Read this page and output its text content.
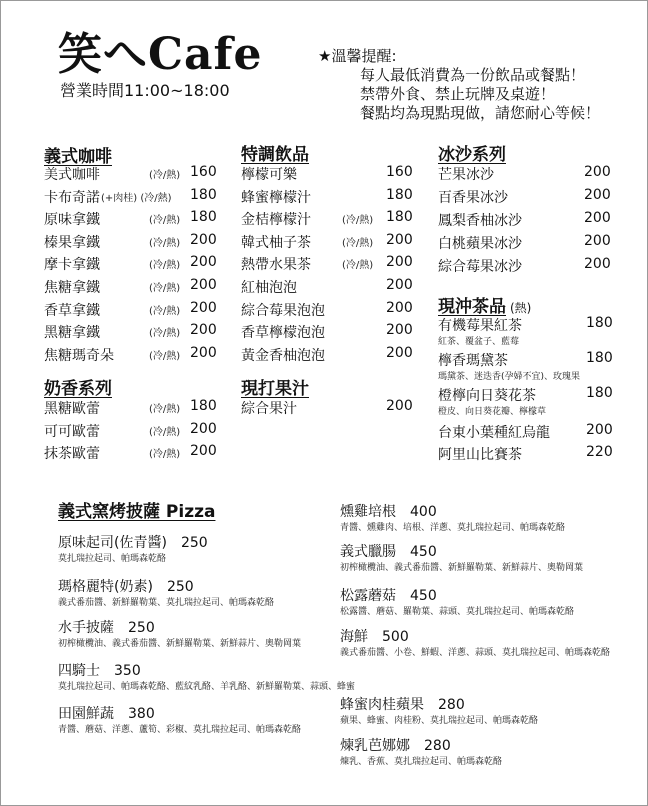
笑へCafe
營業時間11:00~18:00
★溫馨提醒:
每人最低消費為一份飲品或餐點！
禁帶外食、禁止玩牌及桌遊！
餐點均為現點現做，請您耐心等候！
義式咖啡
美式咖啡	(冷/熱) 160
卡布奇諾 (+肉桂) (冷/熱) 180
原味拿鐵	(冷/熱) 180
榛果拿鐵	(冷/熱) 200
摩卡拿鐵	(冷/熱) 200
焦糖拿鐵	(冷/熱) 200
香草拿鐵	(冷/熱) 200
黑糖拿鐵	(冷/熱) 200
焦糖瑪奇朵	(冷/熱) 200
奶香系列
黑糖歐蕾	(冷/熱) 180
可可歐蕾	(冷/熱) 200
抹茶歐蕾	(冷/熱) 200
特調飲品
檸檬可樂	160
蜂蜜檸檬汁	180
金桔檸檬汁	(冷/熱) 180
韓式柚子茶	(冷/熱) 200
熱帶水果茶	(冷/熱) 200
紅柚泡泡	200
綜合莓果泡泡	200
香草檸檬泡泡	200
黃金香柚泡泡	200
現打果汁
綜合果汁	200
冰沙系列
芒果冰沙	200
百香果冰沙	200
鳳梨香柚冰沙	200
白桃蘋果冰沙	200
綜合莓果冰沙	200
現沖茶品 (熱)
有機莓果紅茶	180
紅茶、覆盆子、藍莓
檸香瑪黛茶	180
瑪黛茶、迷迭香(孕婦不宜)、玫瑰果
橙檸向日葵花茶	180
橙皮、向日葵花瓣、檸檬草
台東小葉種紅烏龍	200
阿里山比賽茶	220
義式窯烤披薩 Pizza
原味起司(佐青醬) 250
莫扎瑞拉起司、帕瑪森乾酪
瑪格麗特(奶素) 250
義式番茄醬、新鮮羅勒葉、莫扎瑞拉起司、帕瑪森乾酪
水手披薩 250
初榨橄欖油、義式番茄醬、新鮮羅勒葉、新鮮蒜片、奧勒岡葉
四騎士 350
莫扎瑞拉起司、帕瑪森乾酪、藍紋乳酪、羊乳酪、新鮮羅勒葉、蒜頭、蜂蜜
田園鮮蔬 380
青醬、蘑菇、洋蔥、蘆筍、彩椒、莫扎瑞拉起司、帕瑪森乾酪
燻雞培根 400
青醬、燻雞肉、培根、洋蔥、莫扎瑞拉起司、帕瑪森乾酪
義式臘腸 450
初榨橄欖油、義式番茄醬、新鮮羅勒葉、新鮮蒜片、奧勒岡葉
松露蘑菇 450
松露醬、蘑菇、羅勒葉、蒜頭、莫扎瑞拉起司、帕瑪森乾酪
海鮮 500
義式番茄醬、小卷、鮮蝦、洋蔥、蒜頭、莫扎瑞拉起司、帕瑪森乾酪
蜂蜜肉桂蘋果 280
蘋果、蜂蜜、肉桂粉、莫扎瑞拉起司、帕瑪森乾酪
煉乳芭娜娜 280
煉乳、香蕉、莫扎瑞拉起司、帕瑪森乾酪
